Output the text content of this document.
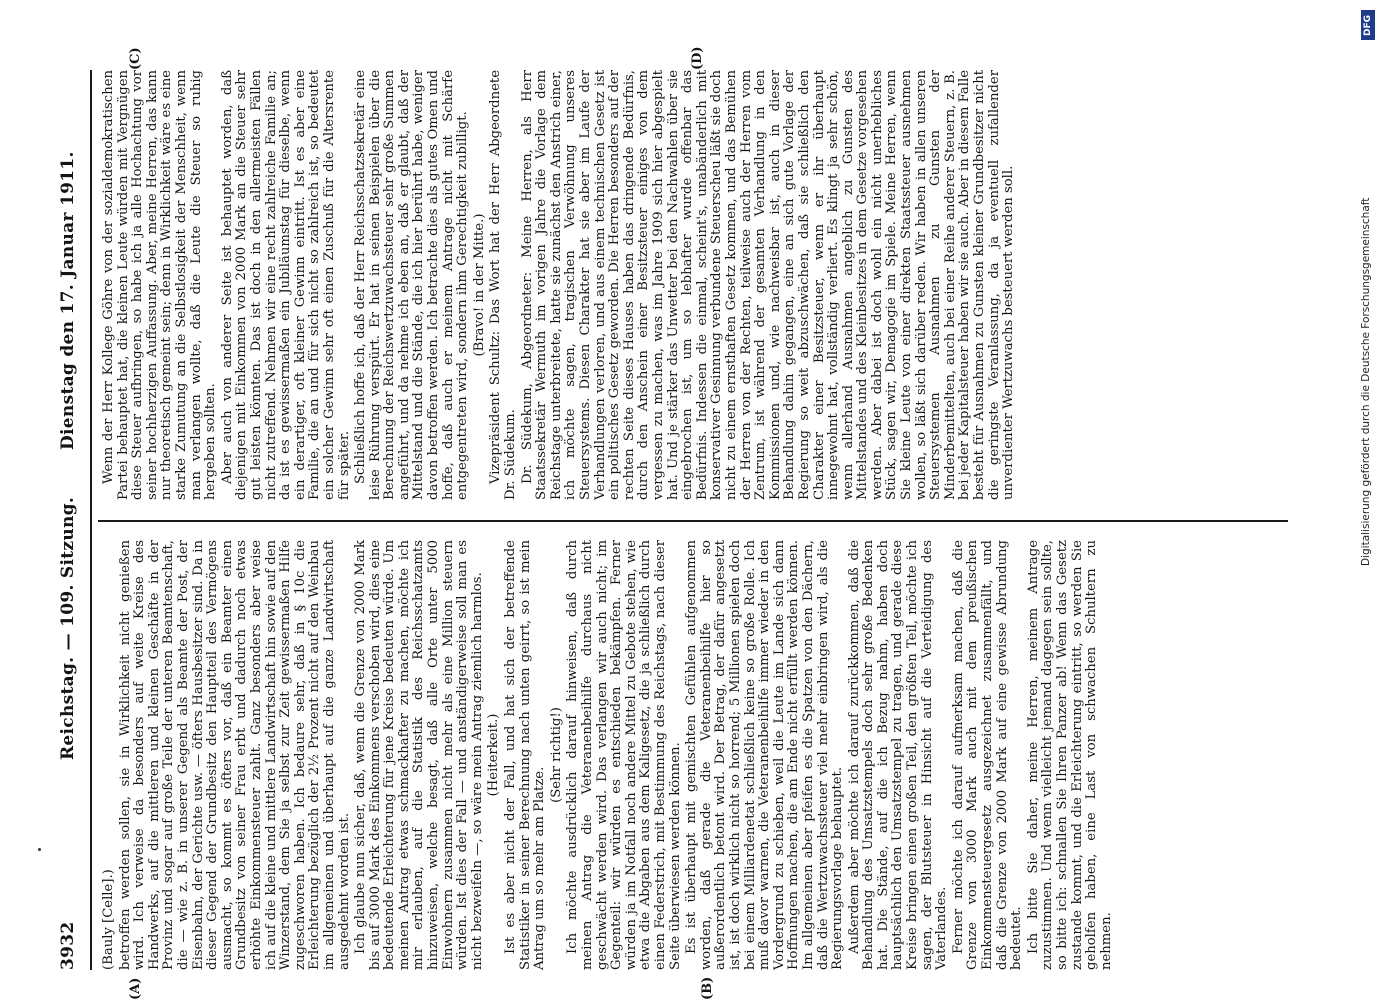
3932
Reichstag. — 109. Sitzung.
Dienstag den 17. Januar 1911.
(A)	(B)
(C)	(D)

(Bauly [Celle].) betroffen werden sollen, sie in Wirklichkeit nicht genießen wird. Ich verweise da besonders auf weite Kreise des Handwerks, auf die mittleren und kleinen Geschäfte in der Provinz und sogar auf große Teile der unteren Beamtenschaft, die — wie z. B. in unserer Gegend als Beamte der Post, der Eisenbahn, der Gerichte usw. — öfters Hausbesitzer sind. Da in dieser Gegend der Grundbesitz den Hauptteil des Vermögens ausmacht, so kommt es öfters vor, daß ein Beamter einen Grundbesitz von seiner Frau erbt und dadurch noch etwas erhöhte Einkommensteuer zahlt. Ganz besonders aber weise ich auf die kleine und mittlere Landwirtschaft hin sowie auf den Winzerstand, dem Sie ja selbst zur Zeit gewissermaßen Hilfe zugeschworen haben. Ich bedaure sehr, daß in § 10c die Erleichterung bezüglich der 2½ Prozent nicht auf den Weinbau im allgemeinen und überhaupt auf die ganze Landwirtschaft ausgedehnt worden ist. Ich glaube nun sicher, daß, wenn die Grenze von 2000 Mark bis auf 3000 Mark des Einkommens verschoben wird, dies eine bedeutende Erleichterung für jene Kreise bedeuten würde. Um meinen Antrag etwas schmackhafter zu machen, möchte ich mir erlauben, auf die Statistik des Reichsschatzamts hinzuweisen, welche besagt, daß alle Orte unter 5000 Einwohnern zusammen nicht mehr als eine Million steuern würden. Ist dies der Fall — und anständigerweise soll man es nicht bezweifeln —, so wäre mein Antrag ziemlich harmlos. (Heiterkeit.) Ist es aber nicht der Fall, und hat sich der betreffende Statistiker in seiner Berechnung nach unten geirrt, so ist mein Antrag um so mehr am Platze.

(Sehr richtig!) Ich möchte ausdrücklich darauf hinweisen, daß durch meinen Antrag die Veteranenbeihilfe durchaus nicht geschwächt werden wird. Das verlangen wir auch nicht; im Gegenteil: wir würden es entschieden bekämpfen. Ferner würden ja im Notfall noch andere Mittel zu Gebote stehen, wie etwa die Abgaben aus dem Kaligesetz, die ja schließlich durch einen Federstrich, mit Bestimmung des Reichstags, nach dieser Seite überwiesen werden können. Es ist überhaupt mit gemischten Gefühlen aufgenommen worden, daß gerade die Veteranenbeihilfe hier so außerordentlich betont wird. Der Betrag, der dafür angesetzt ist, ist doch wirklich nicht so horrend; 5 Millionen spielen doch bei einem Milliardenetat schließlich keine so große Rolle. Ich muß davor warnen, die Veteranenbeihilfe immer wieder in den Vordergrund zu schieben, weil die Leute im Lande sich dann Hoffnungen machen, die am Ende nicht erfüllt werden können. Im allgemeinen aber pfeifen es die Spatzen von den Dächern, daß die Wertzuwachssteuer viel mehr einbringen wird, als die Regierungsvorlage behauptet. Außerdem aber möchte ich darauf zurückkommen, daß die Behandlung des Umsatzstempels doch sehr große Bedenken hat. Die Stände, auf die ich Bezug nahm, haben doch hauptsächlich den Umsatzstempel zu tragen, und gerade diese Kreise bringen einen großen Teil, den größten Teil, möchte ich sagen, der Blutsteuer in Hinsicht auf die Verteidigung des Vaterlandes. Ferner möchte ich darauf aufmerksam machen, daß die Grenze von 3000 Mark auch mit dem preußischen Einkommensteuergesetz ausgezeichnet zusammenfällt, und daß die Grenze von 2000 Mark auf eine gewisse Abrundung bedeutet. Ich bitte Sie daher, meine Herren, meinem Antrage zuzustimmen. Und wenn vielleicht jemand dagegen sein sollte, so bitte ich: schnallen Sie Ihren Panzer ab! Wenn das Gesetz zustande kommt, und die Erleichterung eintritt, so werden Sie geholfen haben, eine Last von schwachen Schultern zu nehmen.

Wenn der Herr Kollege Göhre von der sozialdemokratischen Partei behauptet hat, die kleinen Leute würden mit Vergnügen diese Steuer aufbringen, so habe ich ja alle Hochachtung vor seiner hochherzigen Auffassung. Aber, meine Herren, das kann nur theoretisch gemeint sein; denn in Wirklichkeit wäre es eine starke Zumutung an die Selbstlosigkeit der Menschheit, wenn man verlangen wollte, daß die Leute die Steuer so ruhig hergeben sollten. Aber auch von anderer Seite ist behauptet worden, daß diejenigen mit Einkommen von 2000 Mark an die Steuer sehr gut leisten könnten. Das ist doch in den allermeisten Fällen nicht zutreffend. Nehmen wir eine recht zahlreiche Familie an; da ist es gewissermaßen ein Jubiläumstag für dieselbe, wenn ein derartiger, oft kleiner Gewinn eintritt. Ist es aber eine Familie, die an und für sich nicht so zahlreich ist, so bedeutet ein solcher Gewinn sehr oft einen Zuschuß für die Altersrente für später. Schließlich hoffe ich, daß der Herr Reichsschatzsekretär eine leise Rührung verspürt. Er hat in seinen Beispielen über die Berechnung der Reichswertzuwachssteuer sehr große Summen angeführt, und da nehme ich eben an, daß er glaubt, daß der Mittelstand und die Stände, die ich hier berührt habe, weniger davon betroffen werden. Ich betrachte dies als gutes Omen und hoffe, daß auch er meinem Antrage nicht mit Schärfe entgegentreten wird, sondern ihm Gerechtigkeit zubilligt. (Bravo! in der Mitte.) Vizepräsident Schultz: Das Wort hat der Herr Abgeordnete Dr. Südekum. Dr. Südekum, Abgeordneter: Meine Herren, als Herr Staatssekretär Wermuth im vorigen Jahre die Vorlage dem Reichstage unterbreitete, hatte sie zunächst den Anstrich einer, ich möchte sagen, tragischen Verwöhnung unseres Steuersystems. Diesen Charakter hat sie aber im Laufe der Verhandlungen verloren, und aus einem technischen Gesetz ist ein politisches Gesetz geworden. Die Herren besonders auf der rechten Seite dieses Hauses haben das dringende Bedürfnis, durch den Anschein einer Besitzsteuer einiges von dem vergessen zu machen, was im Jahre 1909 sich hier abgespielt hat. Und je stärker das Unwetter bei den Nachwahlen über sie eingebrochen ist, um so lebhafter wurde offenbar das Bedürfnis. Indessen die einmal, scheint's, unabänderlich mit konservativer Gesinnung verbundene Steuerscheu läßt sie doch nicht zu einem ernsthaften Gesetz kommen, und das Bemühen der Herren von der Rechten, teilweise auch der Herren vom Zentrum, ist während der gesamten Verhandlung in den Kommissionen und, wie nachweisbar ist, auch in dieser Behandlung dahin gegangen, eine an sich gute Vorlage der Regierung so weit abzuschwächen, daß sie schließlich den Charakter einer Besitzsteuer, wenn er ihr überhaupt innegewohnt hat, vollständig verliert. Es klingt ja sehr schön, wenn allerhand Ausnahmen angeblich zu Gunsten des Mittelstandes und des Kleinbesitzes in dem Gesetze vorgesehen werden. Aber dabei ist doch wohl ein nicht unerhebliches Stück, sagen wir, Demagogie im Spiele. Meine Herren, wenn Sie kleine Leute von einer direkten Staatssteuer ausnehmen wollen, so läßt sich darüber reden. Wir haben in allen unseren Steuersystemen Ausnahmen zu Gunsten der Minderbemittelten, auch bei einer Reihe anderer Steuern, z. B. bei jeder Kapitalsteuer haben wir sie auch. Aber in diesem Falle besteht für Ausnahmen zu Gunsten kleiner Grundbesitzer nicht die geringste Veranlassung, da ja eventuell zufallender unverdienter Wertzuwachs besteuert werden soll.

DFG
Digitalisierung gefördert durch die Deutsche Forschungsgemeinschaft
